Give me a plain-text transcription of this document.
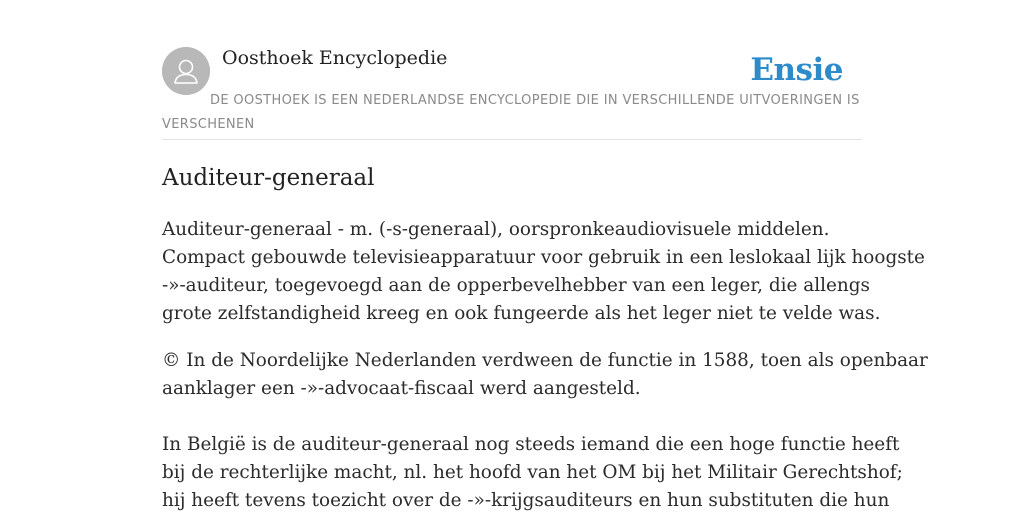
Oosthoek Encyclopedie	Ensie
DE OOSTHOEK IS EEN NEDERLANDSE ENCYCLOPEDIE DIE IN VERSCHILLENDE UITVOERINGEN IS VERSCHENEN
Auditeur-generaal

Auditeur-generaal - m. (-s-generaal), oorspronkeaudiovisuele middelen.
Compact gebouwde televisieapparatuur voor gebruik in een leslokaal lijk hoogste
-»-auditeur, toegevoegd aan de opperbevelhebber van een leger, die allengs
grote zelfstandigheid kreeg en ook fungeerde als het leger niet te velde was.

© In de Noordelijke Nederlanden verdween de functie in 1588, toen als openbaar
aanklager een -»-advocaat-fiscaal werd aangesteld.

In België is de auditeur-generaal nog steeds iemand die een hoge functie heeft
bij de rechterlijke macht, nl. het hoofd van het OM bij het Militair Gerechtshof;
hij heeft tevens toezicht over de -»-krijgsauditeurs en hun substituten die hun
